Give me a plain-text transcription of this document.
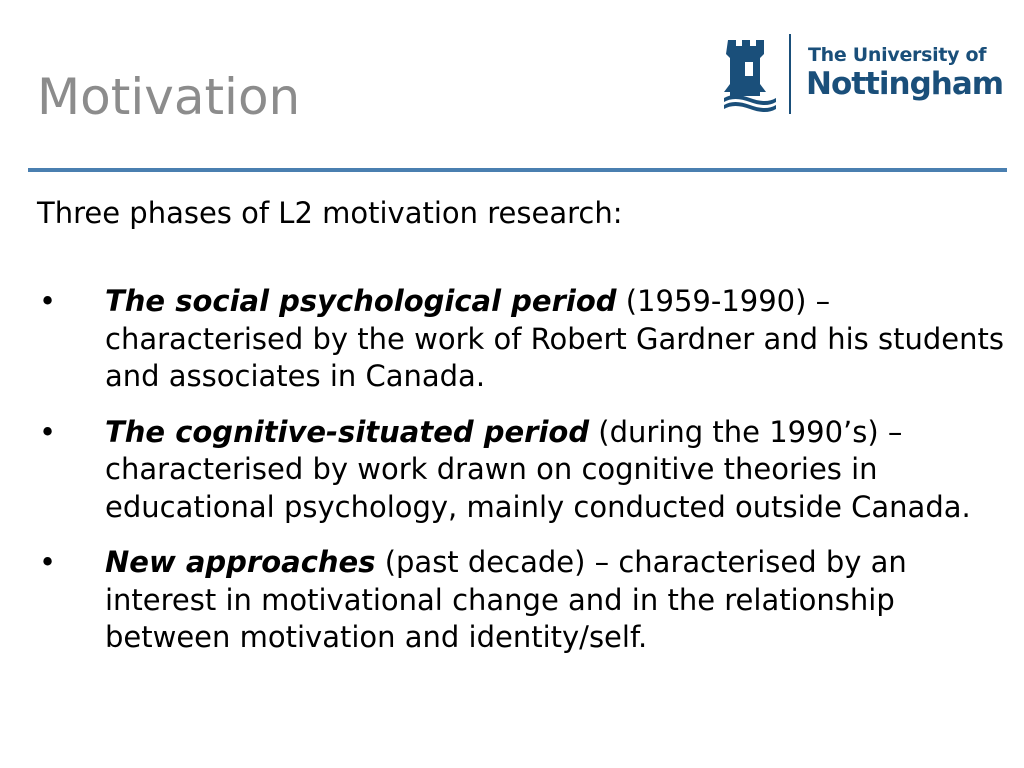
Motivation
The University of
Nottingham

Three phases of L2 motivation research:

• The social psychological period (1959-1990) – characterised by the work of Robert Gardner and his students and associates in Canada.
• The cognitive-situated period (during the 1990’s) – characterised by work drawn on cognitive theories in educational psychology, mainly conducted outside Canada.
• New approaches (past decade) – characterised by an interest in motivational change and in the relationship between motivation and identity/self.
